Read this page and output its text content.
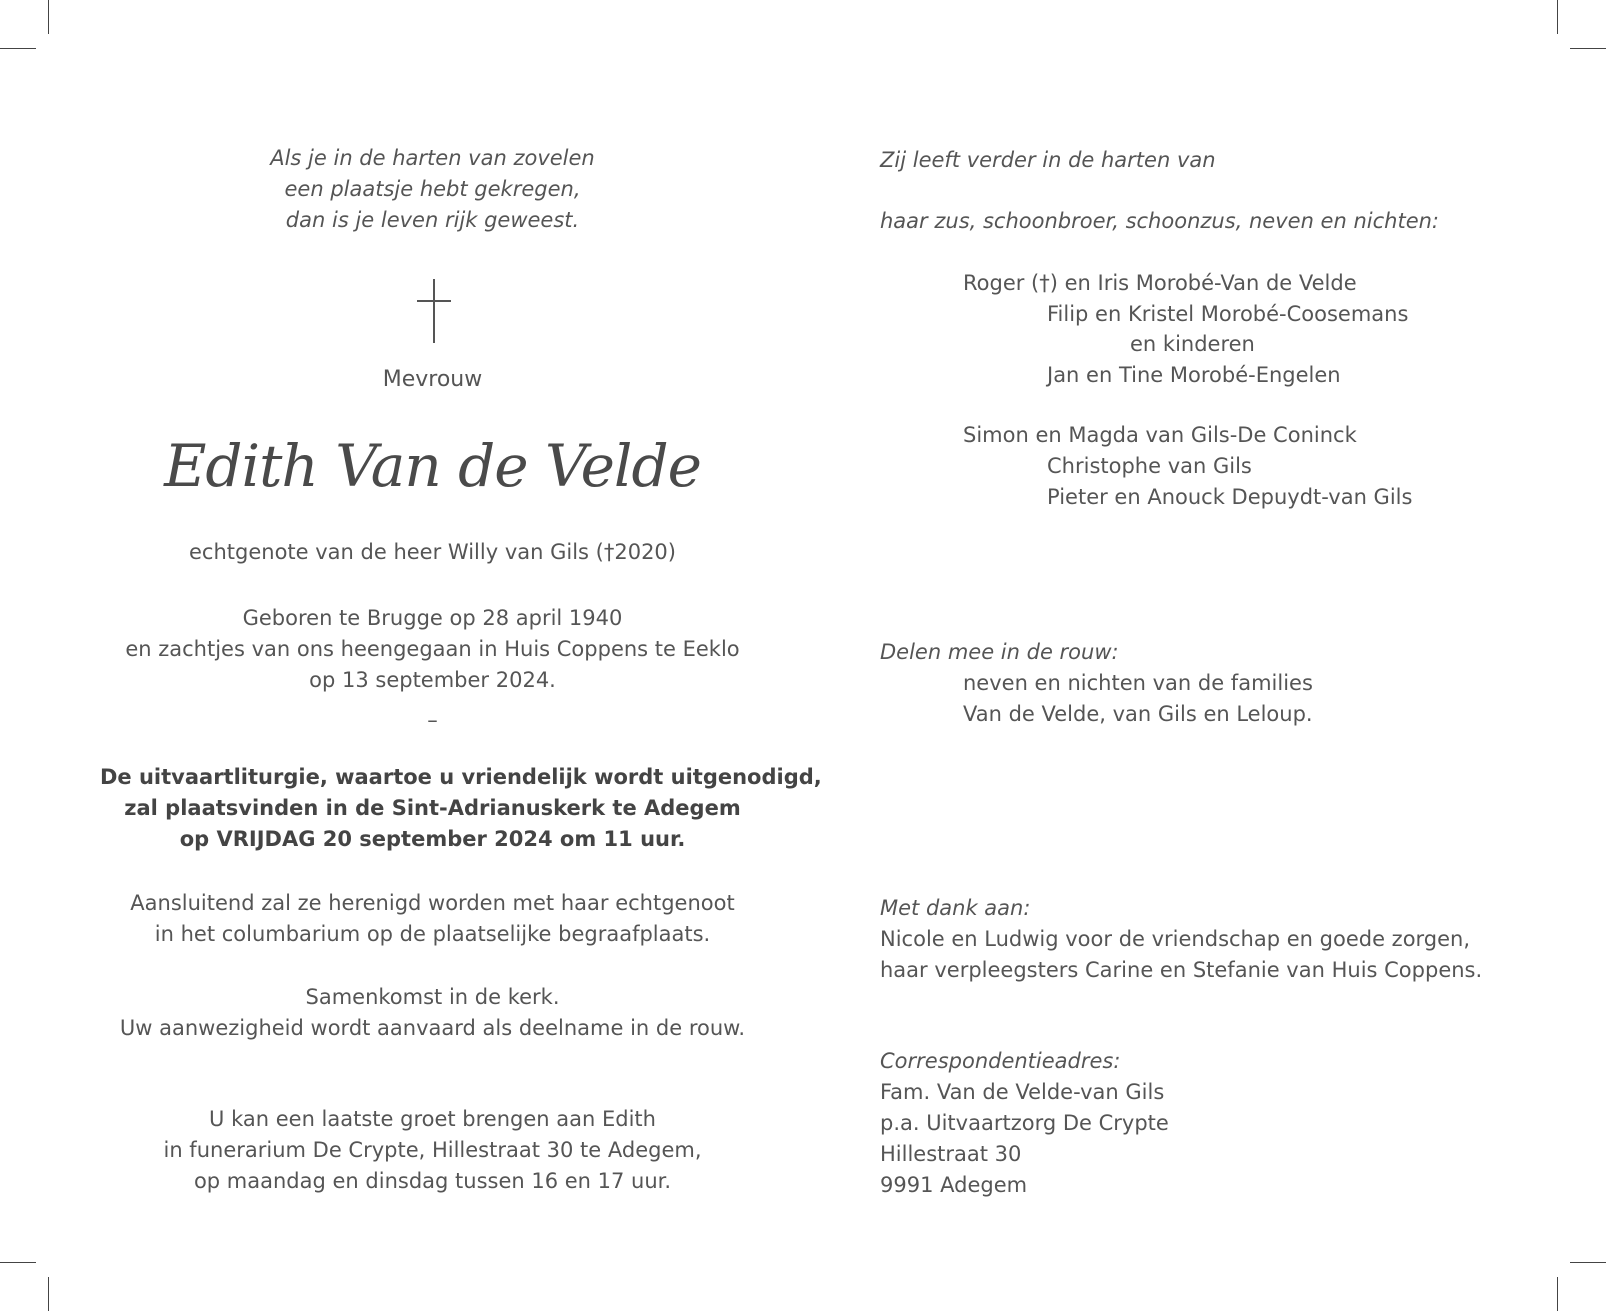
Als je in de harten van zovelen
een plaatsje hebt gekregen,
dan is je leven rijk geweest.
Mevrouw
Edith Van de Velde
echtgenote van de heer Willy van Gils (†2020)
Geboren te Brugge op 28 april 1940
en zachtjes van ons heengegaan in Huis Coppens te Eeklo
op 13 september 2024.
–
De uitvaartliturgie, waartoe u vriendelijk wordt uitgenodigd,
zal plaatsvinden in de Sint-Adrianuskerk te Adegem
op VRIJDAG 20 september 2024 om 11 uur.
Aansluitend zal ze herenigd worden met haar echtgenoot
in het columbarium op de plaatselijke begraafplaats.
Samenkomst in de kerk.
Uw aanwezigheid wordt aanvaard als deelname in de rouw.
U kan een laatste groet brengen aan Edith
in funerarium De Crypte, Hillestraat 30 te Adegem,
op maandag en dinsdag tussen 16 en 17 uur.
Zij leeft verder in de harten van
haar zus, schoonbroer, schoonzus, neven en nichten:
Roger (†) en Iris Morobé-Van de Velde
Filip en Kristel Morobé-Coosemans
en kinderen
Jan en Tine Morobé-Engelen
Simon en Magda van Gils-De Coninck
Christophe van Gils
Pieter en Anouck Depuydt-van Gils
Delen mee in de rouw:
neven en nichten van de families
Van de Velde, van Gils en Leloup.
Met dank aan:
Nicole en Ludwig voor de vriendschap en goede zorgen,
haar verpleegsters Carine en Stefanie van Huis Coppens.
Correspondentieadres:
Fam. Van de Velde-van Gils
p.a. Uitvaartzorg De Crypte
Hillestraat 30
9991 Adegem
